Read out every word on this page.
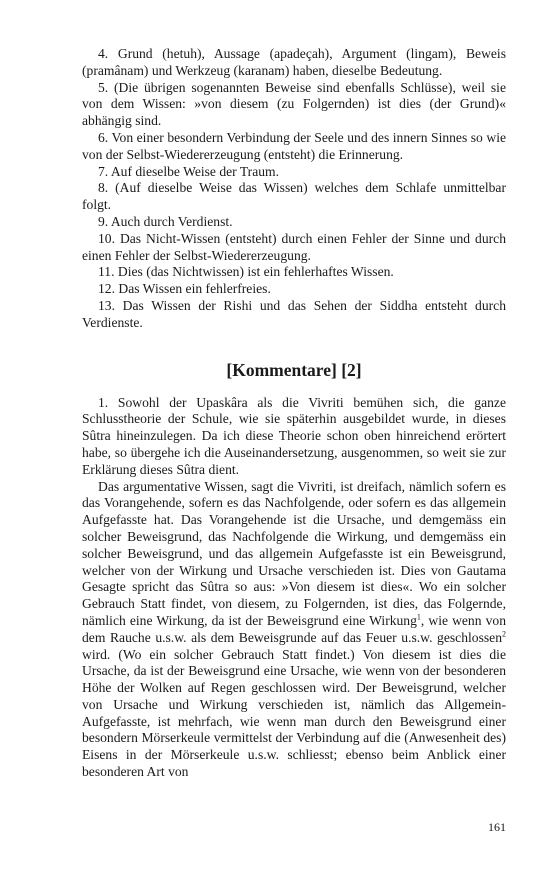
4. Grund (hetuh), Aussage (apadeçah), Argument (lingam), Beweis (pramânam) und Werkzeug (karanam) haben, dieselbe Bedeutung.

5. (Die übrigen sogenannten Beweise sind ebenfalls Schlüsse), weil sie von dem Wissen: »von diesem (zu Folgernden) ist dies (der Grund)« abhängig sind.

6. Von einer besondern Verbindung der Seele und des innern Sinnes so wie von der Selbst-Wiedererzeugung (entsteht) die Erinnerung.

7. Auf dieselbe Weise der Traum.

8. (Auf dieselbe Weise das Wissen) welches dem Schlafe unmittelbar folgt.

9. Auch durch Verdienst.

10. Das Nicht-Wissen (entsteht) durch einen Fehler der Sinne und durch einen Fehler der Selbst-Wiedererzeugung.

11. Dies (das Nichtwissen) ist ein fehlerhaftes Wissen.

12. Das Wissen ein fehlerfreies.

13. Das Wissen der Rishi und das Sehen der Siddha entsteht durch Verdienste.

[Kommentare] [2]

1. Sowohl der Upaskâra als die Vivriti bemühen sich, die ganze Schlusstheorie der Schule, wie sie späterhin ausgebildet wurde, in dieses Sûtra hineinzulegen. Da ich diese Theorie schon oben hinreichend erörtert habe, so übergehe ich die Auseinandersetzung, ausgenommen, so weit sie zur Erklärung dieses Sûtra dient.

Das argumentative Wissen, sagt die Vivriti, ist dreifach, nämlich sofern es das Vorangehende, sofern es das Nachfolgende, oder sofern es das allgemein Aufgefasste hat. Das Vorangehende ist die Ursache, und demgemäss ein solcher Beweisgrund, das Nachfolgende die Wirkung, und demgemäss ein solcher Beweisgrund, und das allgemein Aufgefasste ist ein Beweisgrund, welcher von der Wirkung und Ursache verschieden ist. Dies von Gautama Gesagte spricht das Sûtra so aus: »Von diesem ist dies«. Wo ein solcher Gebrauch Statt findet, von diesem, zu Folgernden, ist dies, das Folgernde, nämlich eine Wirkung, da ist der Beweisgrund eine Wirkung$^1$, wie wenn von dem Rauche u.s.w. als dem Beweisgrunde auf das Feuer u.s.w. geschlossen$^2$ wird. (Wo ein solcher Gebrauch Statt findet.) Von diesem ist dies die Ursache, da ist der Beweisgrund eine Ursache, wie wenn von der besonderen Höhe der Wolken auf Regen geschlossen wird. Der Beweisgrund, welcher von Ursache und Wirkung verschieden ist, nämlich das Allgemein-Aufgefasste, ist mehrfach, wie wenn man durch den Beweisgrund einer besondern Mörserkeule vermittelst der Verbindung auf die (Anwesenheit des) Eisens in der Mörserkeule u.s.w. schliesst; ebenso beim Anblick einer besonderen Art von

161
